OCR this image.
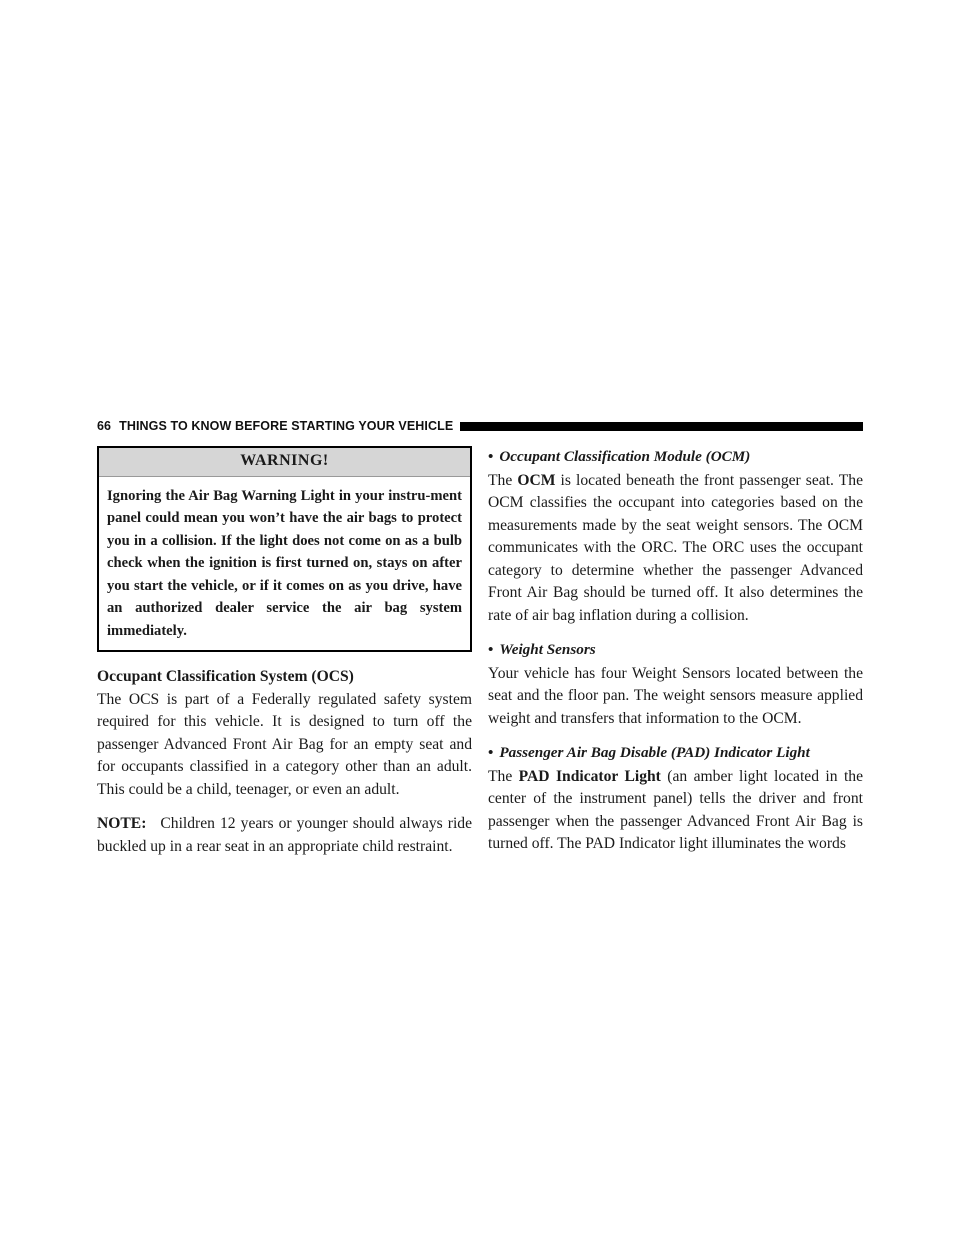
66 THINGS TO KNOW BEFORE STARTING YOUR VEHICLE
WARNING!
Ignoring the Air Bag Warning Light in your instru-ment panel could mean you won’t have the air bags to protect you in a collision. If the light does not come on as a bulb check when the ignition is first turned on, stays on after you start the vehicle, or if it comes on as you drive, have an authorized dealer service the air bag system immediately.
Occupant Classification System (OCS)

The OCS is part of a Federally regulated safety system required for this vehicle. It is designed to turn off the passenger Advanced Front Air Bag for an empty seat and for occupants classified in a category other than an adult. This could be a child, teenager, or even an adult.

NOTE: Children 12 years or younger should always ride buckled up in a rear seat in an appropriate child restraint.

• Occupant Classification Module (OCM)

The OCM is located beneath the front passenger seat. The OCM classifies the occupant into categories based on the measurements made by the seat weight sensors. The OCM communicates with the ORC. The ORC uses the occupant category to determine whether the passenger Advanced Front Air Bag should be turned off. It also determines the rate of air bag inflation during a collision.

• Weight Sensors

Your vehicle has four Weight Sensors located between the seat and the floor pan. The weight sensors measure applied weight and transfers that information to the OCM.

• Passenger Air Bag Disable (PAD) Indicator Light

The PAD Indicator Light (an amber light located in the center of the instrument panel) tells the driver and front passenger when the passenger Advanced Front Air Bag is turned off. The PAD Indicator light illuminates the words
